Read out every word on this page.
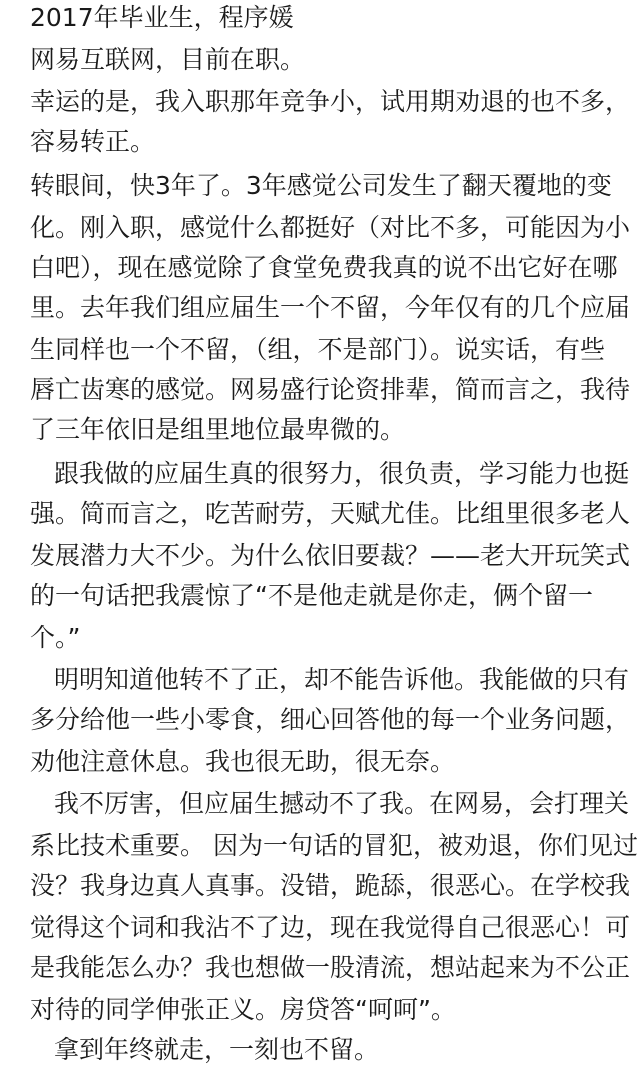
2017年毕业生，程序媛
网易互联网，目前在职。
幸运的是，我入职那年竞争小，试用期劝退的也不多，
容易转正。
转眼间，快3年了。3年感觉公司发生了翻天覆地的变
化。刚入职，感觉什么都挺好（对比不多，可能因为小
白吧），现在感觉除了食堂免费我真的说不出它好在哪
里。去年我们组应届生一个不留，今年仅有的几个应届
生同样也一个不留，（组，不是部门）。说实话，有些
唇亡齿寒的感觉。网易盛行论资排辈，简而言之，我待
了三年依旧是组里地位最卑微的。
跟我做的应届生真的很努力，很负责，学习能力也挺
强。简而言之，吃苦耐劳，天赋尤佳。比组里很多老人
发展潜力大不少。为什么依旧要裁？——老大开玩笑式
的一句话把我震惊了“不是他走就是你走，俩个留一
个。”
明明知道他转不了正，却不能告诉他。我能做的只有
多分给他一些小零食，细心回答他的每一个业务问题，
劝他注意休息。我也很无助，很无奈。
我不厉害，但应届生撼动不了我。在网易，会打理关
系比技术重要。 因为一句话的冒犯，被劝退，你们见过
没？我身边真人真事。没错，跪舔，很恶心。在学校我
觉得这个词和我沾不了边，现在我觉得自己很恶心！可
是我能怎么办？我也想做一股清流，想站起来为不公正
对待的同学伸张正义。房贷答“呵呵”。
拿到年终就走，一刻也不留。
